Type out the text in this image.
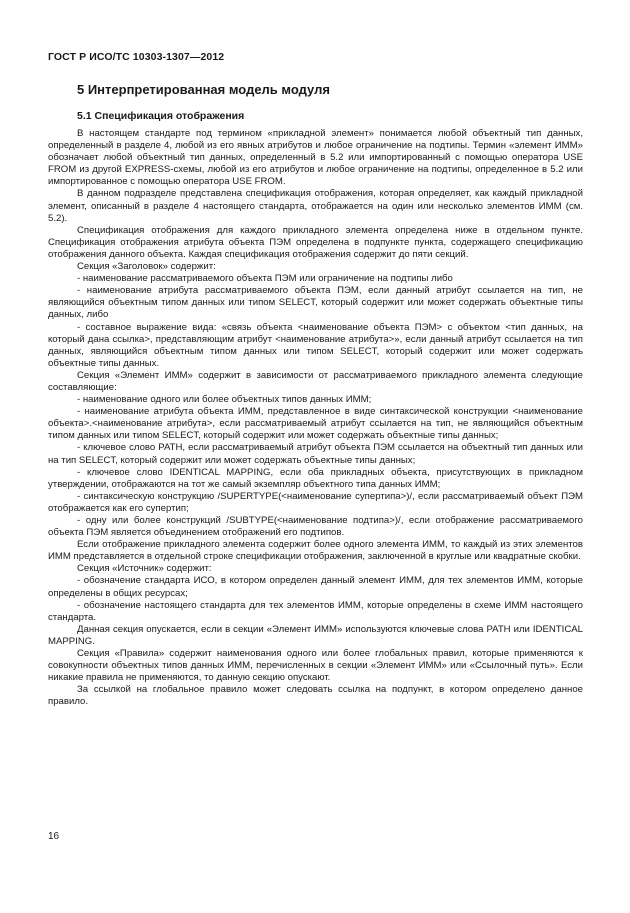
ГОСТ Р ИСО/ТС 10303-1307—2012
5 Интерпретированная модель модуля
5.1 Спецификация отображения

В настоящем стандарте под термином «прикладной элемент» понимается любой объектный тип данных, определенный в разделе 4, любой из его явных атрибутов и любое ограничение на подтипы. Термин «элемент ИММ» обозначает любой объектный тип данных, определенный в 5.2 или импортированный с помощью оператора USE FROM из другой EXPRESS-схемы, любой из его атрибутов и любое ограничение на подтипы, определенное в 5.2 или импортированное с помощью оператора USE FROM.

В данном подразделе представлена спецификация отображения, которая определяет, как каждый прикладной элемент, описанный в разделе 4 настоящего стандарта, отображается на один или несколько элементов ИММ (см. 5.2).

Спецификация отображения для каждого прикладного элемента определена ниже в отдельном пункте. Спецификация отображения атрибута объекта ПЭМ определена в подпункте пункта, содержащего спецификацию отображения данного объекта. Каждая спецификация отображения содержит до пяти секций.

Секция «Заголовок» содержит:

- наименование рассматриваемого объекта ПЭМ или ограничение на подтипы либо

- наименование атрибута рассматриваемого объекта ПЭМ, если данный атрибут ссылается на тип, не являющийся объектным типом данных или типом SELECT, который содержит или может содержать объектные типы данных, либо

- составное выражение вида: «связь объекта <наименование объекта ПЭМ> с объектом <тип данных, на который дана ссылка>, представляющим атрибут <наименование атрибута>», если данный атрибут ссылается на тип данных, являющийся объектным типом данных или типом SELECT, который содержит или может содержать объектные типы данных.

Секция «Элемент ИММ» содержит в зависимости от рассматриваемого прикладного элемента следующие составляющие:

- наименование одного или более объектных типов данных ИММ;

- наименование атрибута объекта ИММ, представленное в виде синтаксической конструкции <наименование объекта>.<наименование атрибута>, если рассматриваемый атрибут ссылается на тип, не являющийся объектным типом данных или типом SELECT, который содержит или может содержать объектные типы данных;

- ключевое слово PATH, если рассматриваемый атрибут объекта ПЭМ ссылается на объектный тип данных или на тип SELECT, который содержит или может содержать объектные типы данных;

- ключевое слово IDENTICAL MAPPING, если оба прикладных объекта, присутствующих в прикладном утверждении, отображаются на тот же самый экземпляр объектного типа данных ИММ;

- синтаксическую конструкцию /SUPERTYPE(<наименование супертипа>)/, если рассматриваемый объект ПЭМ отображается как его супертип;

- одну или более конструкций /SUBTYPE(<наименование подтипа>)/, если отображение рассматриваемого объекта ПЭМ является объединением отображений его подтипов.

Если отображение прикладного элемента содержит более одного элемента ИММ, то каждый из этих элементов ИММ представляется в отдельной строке спецификации отображения, заключенной в круглые или квадратные скобки.

Секция «Источник» содержит:

- обозначение стандарта ИСО, в котором определен данный элемент ИММ, для тех элементов ИММ, которые определены в общих ресурсах;

- обозначение настоящего стандарта для тех элементов ИММ, которые определены в схеме ИММ настоящего стандарта.

Данная секция опускается, если в секции «Элемент ИММ» используются ключевые слова PATH или IDENTICAL MAPPING.

Секция «Правила» содержит наименования одного или более глобальных правил, которые применяются к совокупности объектных типов данных ИММ, перечисленных в секции «Элемент ИММ» или «Ссылочный путь». Если никакие правила не применяются, то данную секцию опускают.

За ссылкой на глобальное правило может следовать ссылка на подпункт, в котором определено данное правило.

16
